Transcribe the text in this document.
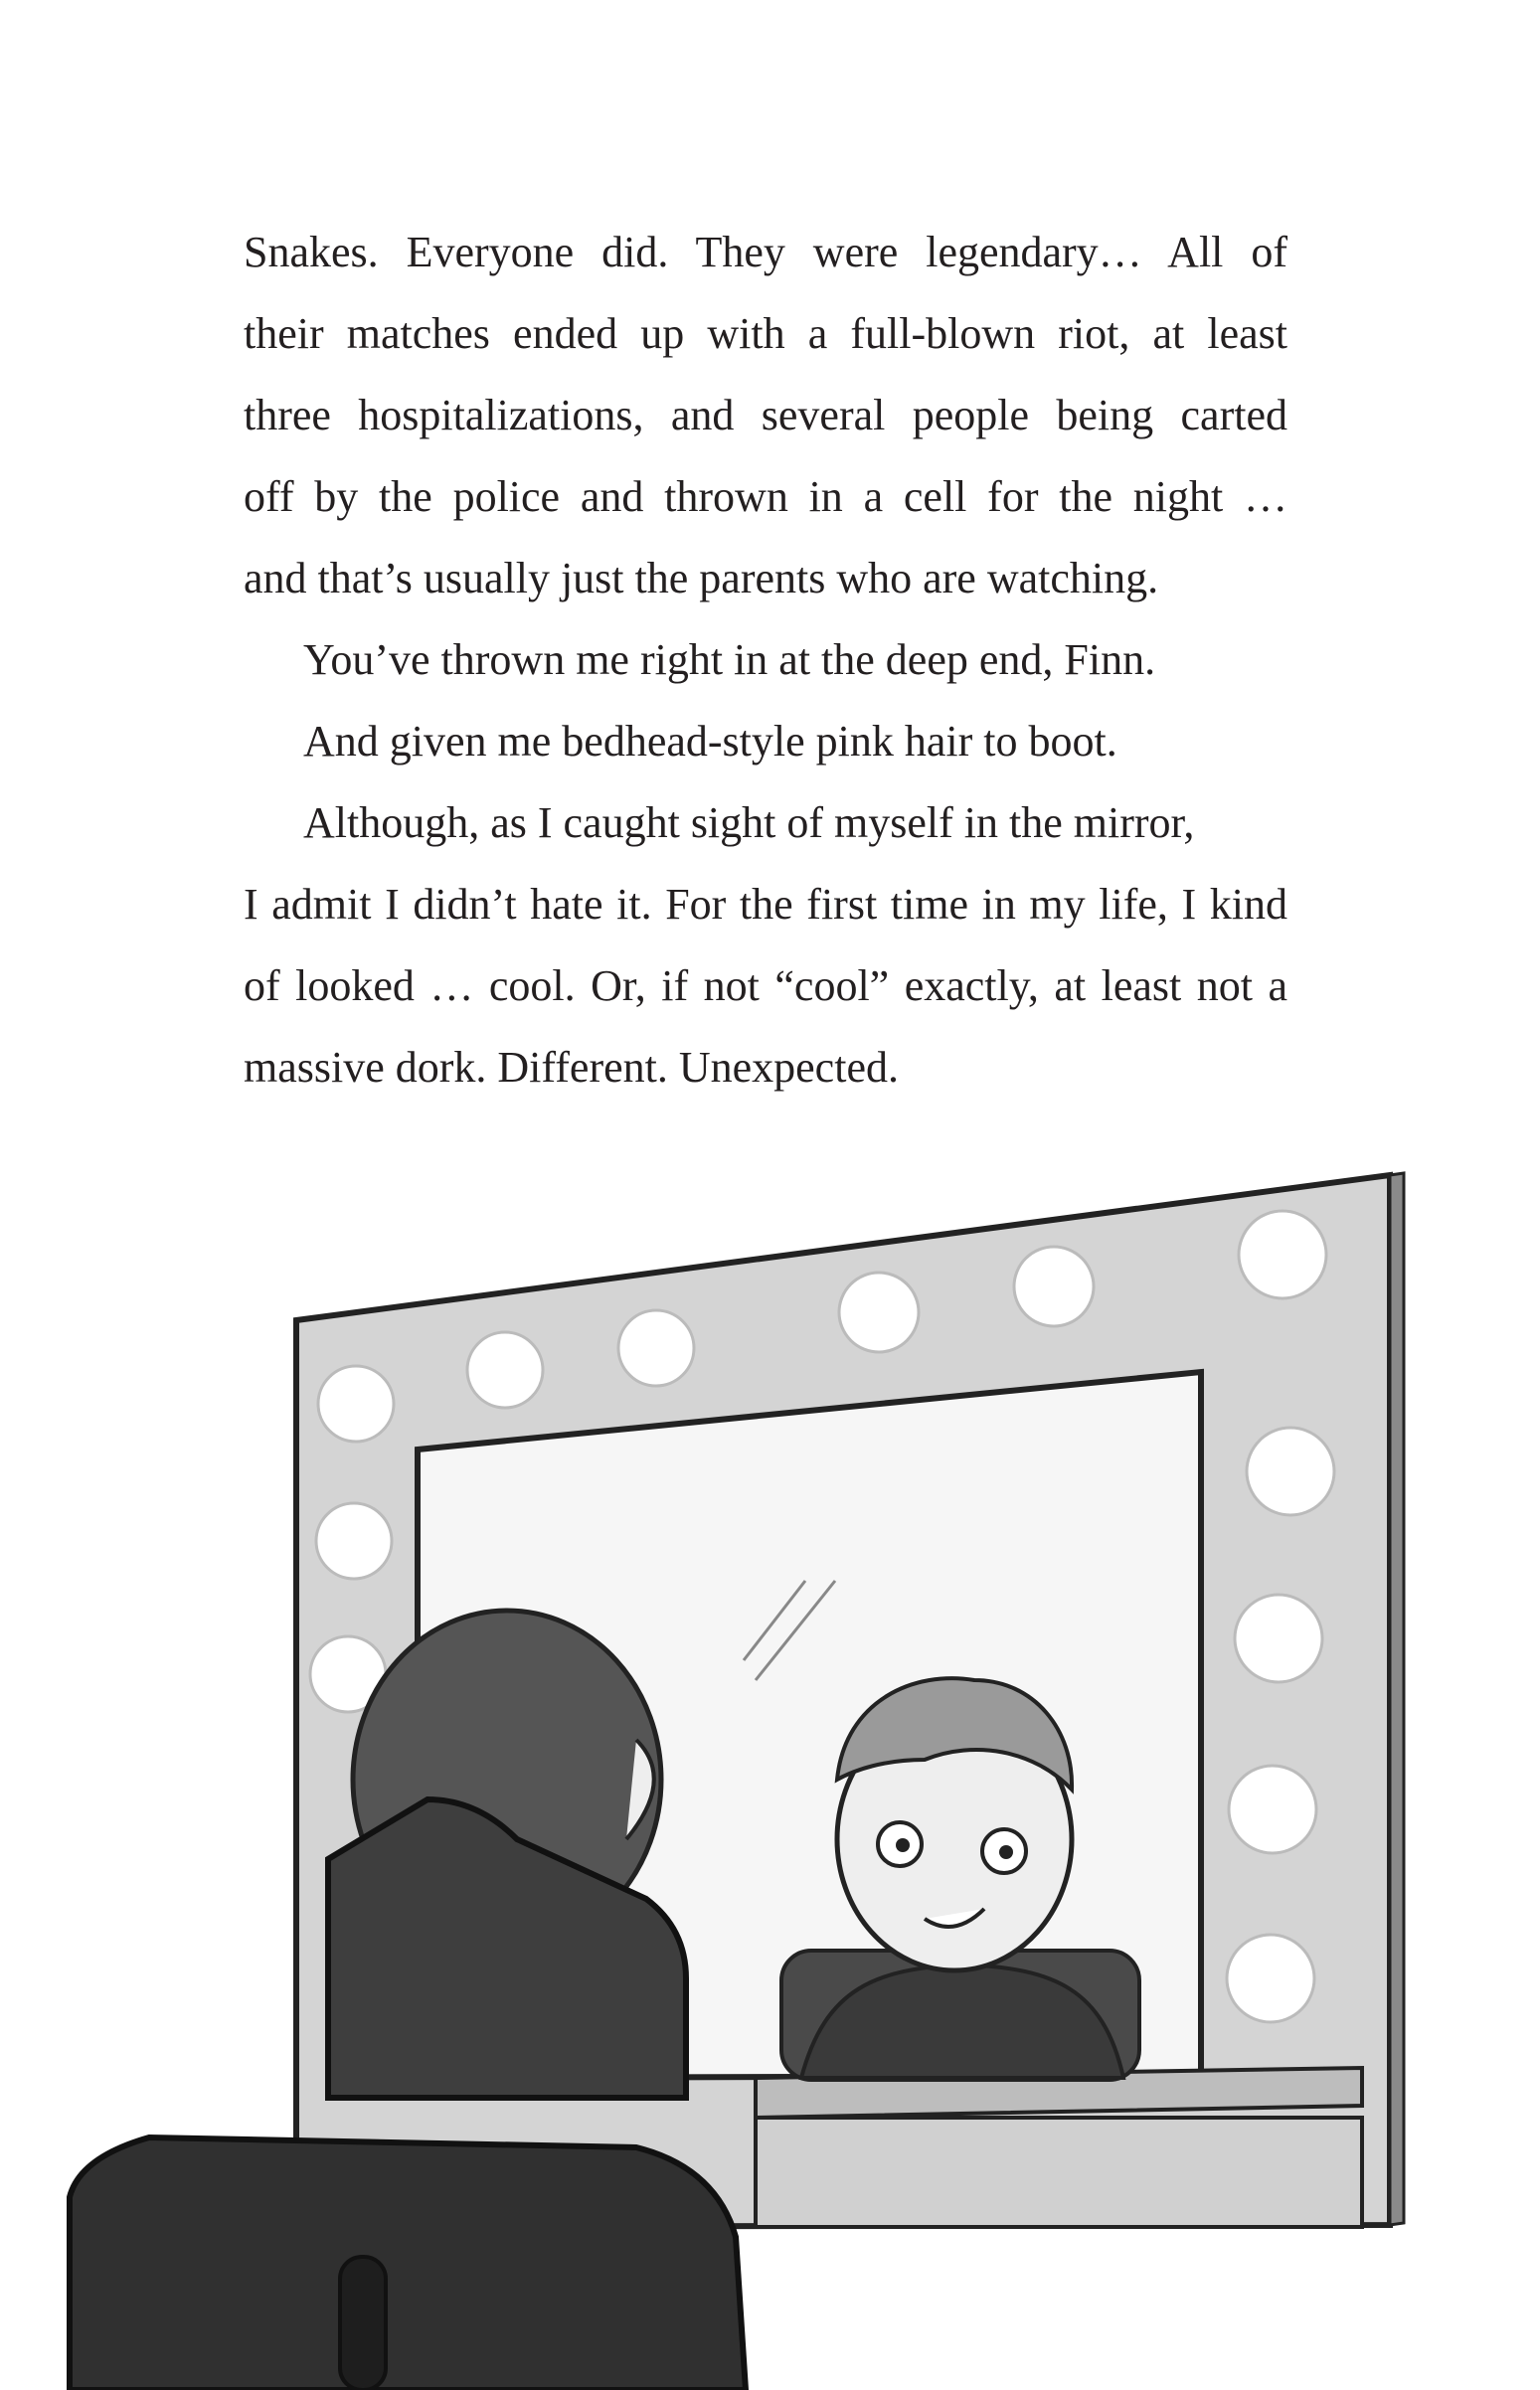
Snakes. Everyone did. They were legendary… All of
their matches ended up with a full-blown riot, at least
three hospitalizations, and several people being carted
off by the police and thrown in a cell for the night …
and that’s usually just the parents who are watching.
You’ve thrown me right in at the deep end, Finn.
And given me bedhead-style pink hair to boot.
Although, as I caught sight of myself in the mirror,
I admit I didn’t hate it. For the first time in my life, I kind
of looked … cool. Or, if not “cool” exactly, at least not a
massive dork. Different. Unexpected.
